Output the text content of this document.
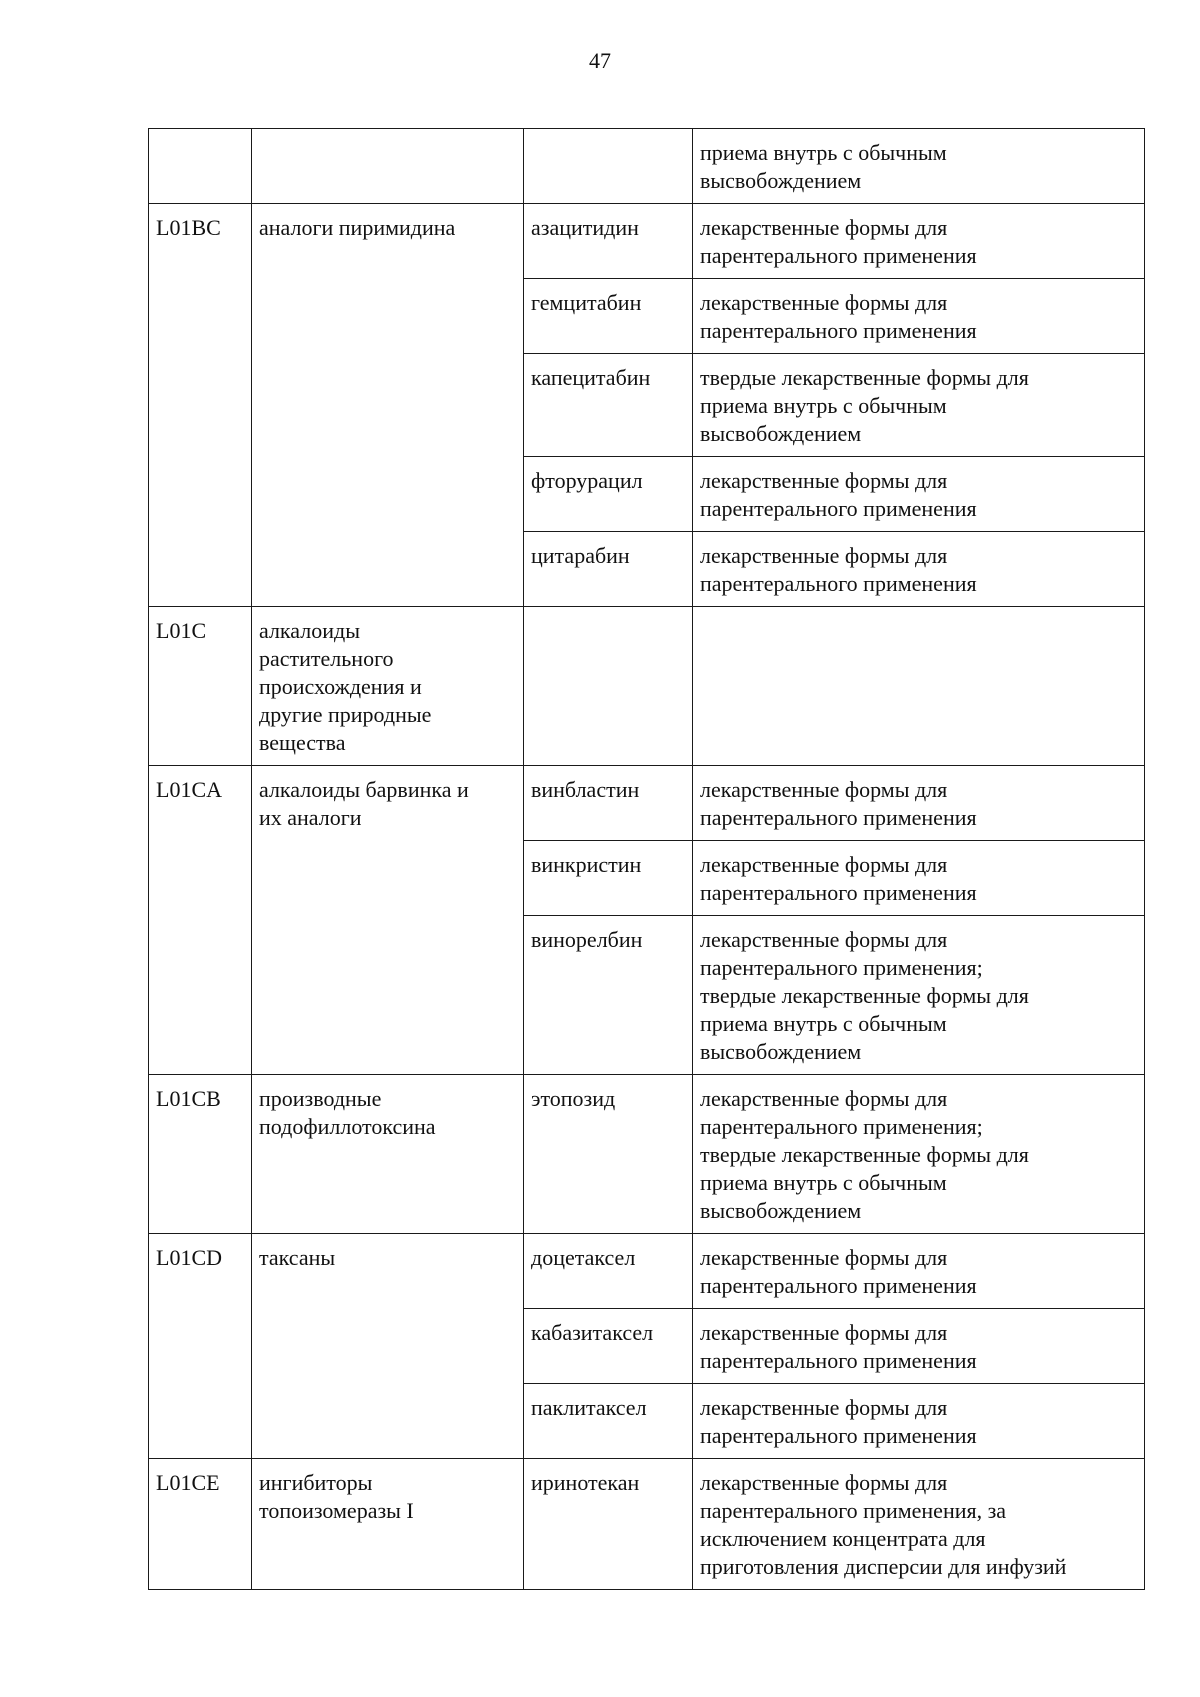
47
			приема внутрь с обычным
высвобождением
L01BC	аналоги пиримидина	азацитидин	лекарственные формы для
парентерального применения
		гемцитабин	лекарственные формы для
парентерального применения
		капецитабин	твердые лекарственные формы для
приема внутрь с обычным
высвобождением
		фторурацил	лекарственные формы для
парентерального применения
		цитарабин	лекарственные формы для
парентерального применения
L01C	алкалоиды
растительного
происхождения и
другие природные
вещества		
L01CA	алкалоиды барвинка и
их аналоги	винбластин	лекарственные формы для
парентерального применения
		винкристин	лекарственные формы для
парентерального применения
		винорелбин	лекарственные формы для
парентерального применения;
твердые лекарственные формы для
приема внутрь с обычным
высвобождением
L01CB	производные
подофиллотоксина	этопозид	лекарственные формы для
парентерального применения;
твердые лекарственные формы для
приема внутрь с обычным
высвобождением
L01CD	таксаны	доцетаксел	лекарственные формы для
парентерального применения
		кабазитаксел	лекарственные формы для
парентерального применения
		паклитаксел	лекарственные формы для
парентерального применения
L01CE	ингибиторы
топоизомеразы I	иринотекан	лекарственные формы для
парентерального применения, за
исключением концентрата для
приготовления дисперсии для инфузий
